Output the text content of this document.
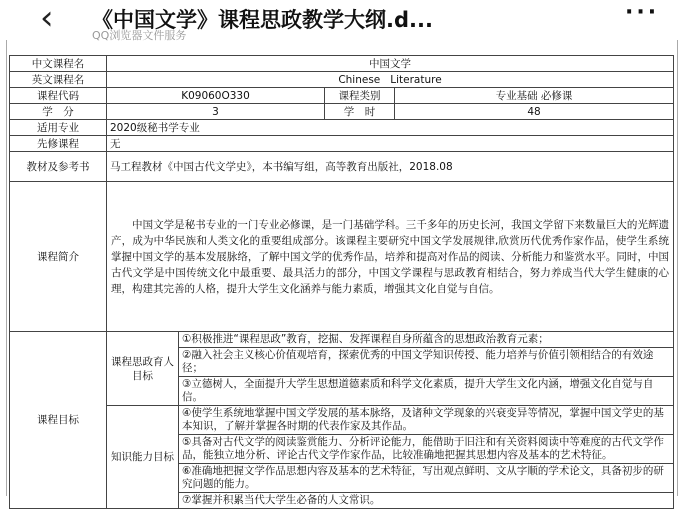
‹ 《中国文学》课程思政教学大纲.d...
QQ浏览器文件服务
···
中文课程名	中国文学			
英文课程名	Chinese   Literature			
课程代码	K09060O330		课程类别	专业基础 必修课
学　分	3		学　时	48
适用专业	2020级秘书学专业			
先修课程	无			
教材及参考书	马工程教材《中国古代文学史》，本书编写组，高等教育出版社，2018.08			
课程简介	　　中国文学是秘书专业的一门专业必修课，是一门基础学科。三千多年的历史长河，我国文学留下来数量巨大的光辉遗产，成为中华民族和人类文化的重要组成部分。该课程主要研究中国文学发展规律,欣赏历代优秀作家作品，使学生系统掌握中国文学的基本发展脉络，了解中国文学的优秀作品，培养和提高对作品的阅读、分析能力和鉴赏水平。同时，中国古代文学是中国传统文化中最重要、最具活力的部分，中国文学课程与思政教育相结合，努力养成当代大学生健康的心理，构建其完善的人格，提升大学生文化涵养与能力素质，增强其文化自觉与自信。			
课程目标	课程思政育人目标	①积极推进“课程思政”教育，挖掘、发挥课程自身所蕴含的思想政治教育元素；		
		②融入社会主义核心价值观培育，探索优秀的中国文学知识传授、能力培养与价值引领相结合的有效途径；		
		③立德树人，全面提升大学生思想道德素质和科学文化素质，提升大学生文化内涵，增强文化自觉与自信。		
	知识能力目标	④使学生系统地掌握中国文学发展的基本脉络，及诸种文学现象的兴衰变异等情况，掌握中国文学史的基本知识，了解并掌握各时期的代表作家及其作品。		
		⑤具备对古代文学的阅读鉴赏能力、分析评论能力，能借助于旧注和有关资料阅读中等难度的古代文学作品，能独立地分析、评论古代文学作家作品，比较准确地把握其思想内容及基本的艺术特征。		
		⑥准确地把握文学作品思想内容及基本的艺术特征，写出观点鲜明、文从字顺的学术论文，具备初步的研究问题的能力。		
		⑦掌握并积累当代大学生必备的人文常识。		
